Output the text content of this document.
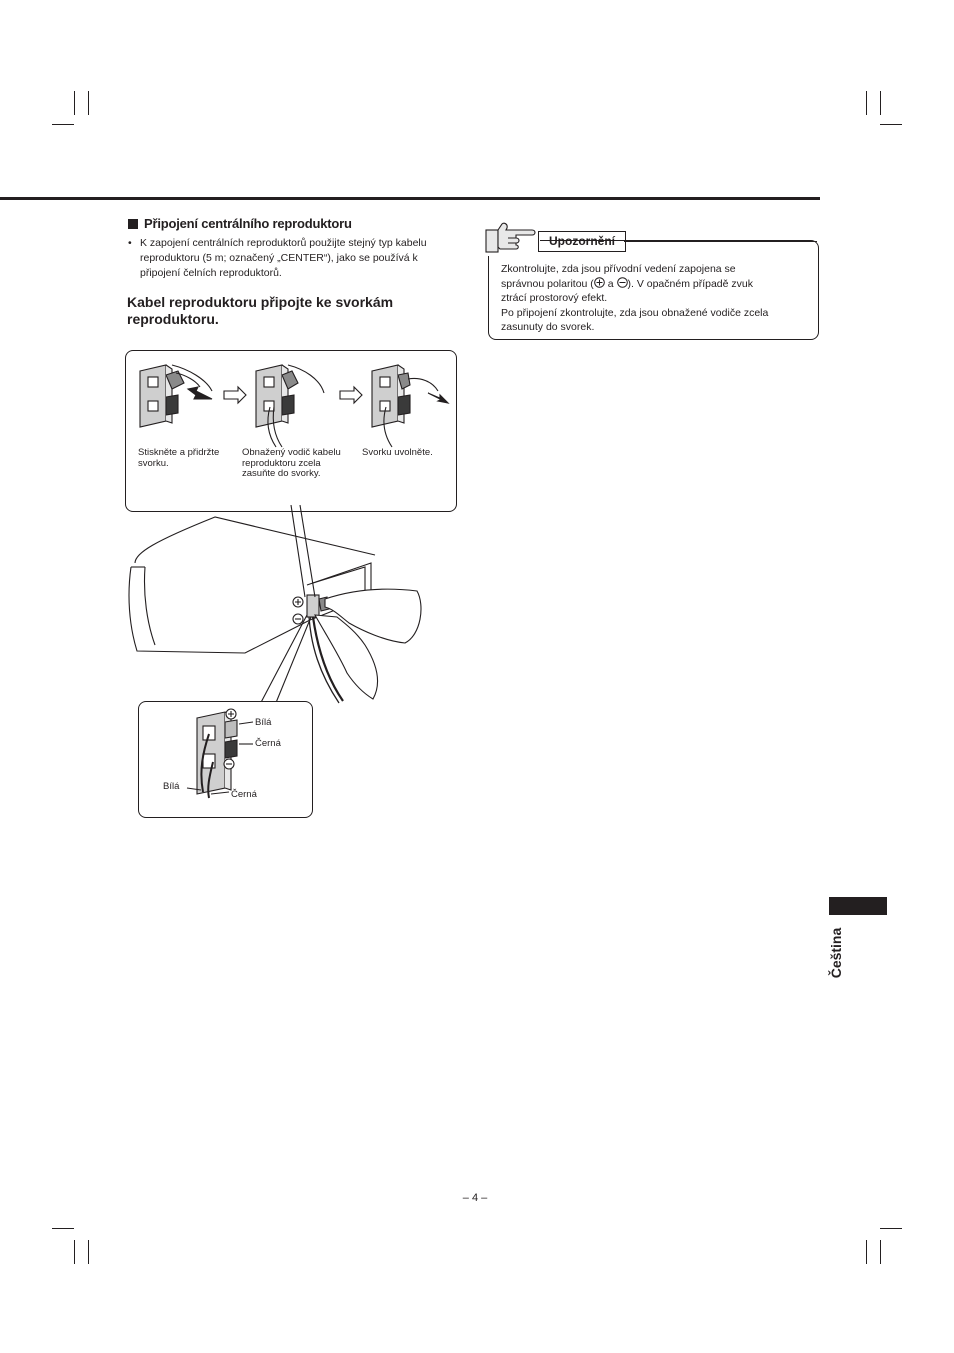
Připojení centrálního reproduktoru
• K zapojení centrálních reproduktorů použijte stejný typ kabelu reproduktoru (5 m; označený „CENTER“), jako se používá k připojení čelních reproduktorů.
Kabel reproduktoru připojte ke svorkám reproduktoru.
Stiskněte a přidržte svorku.
Obnažený vodič kabelu reproduktoru zcela zasuňte do svorky.
Svorku uvolněte.
Bílá
Černá
Bílá
Černá
Upozornění
Zkontrolujte, zda jsou přívodní vedení zapojena se
správnou polaritou ( a ). V opačném případě zvuk
ztrácí prostorový efekt.
Po připojení zkontrolujte, zda jsou obnažené vodiče zcela
zasunuty do svorek.
Čeština
– 4 –
